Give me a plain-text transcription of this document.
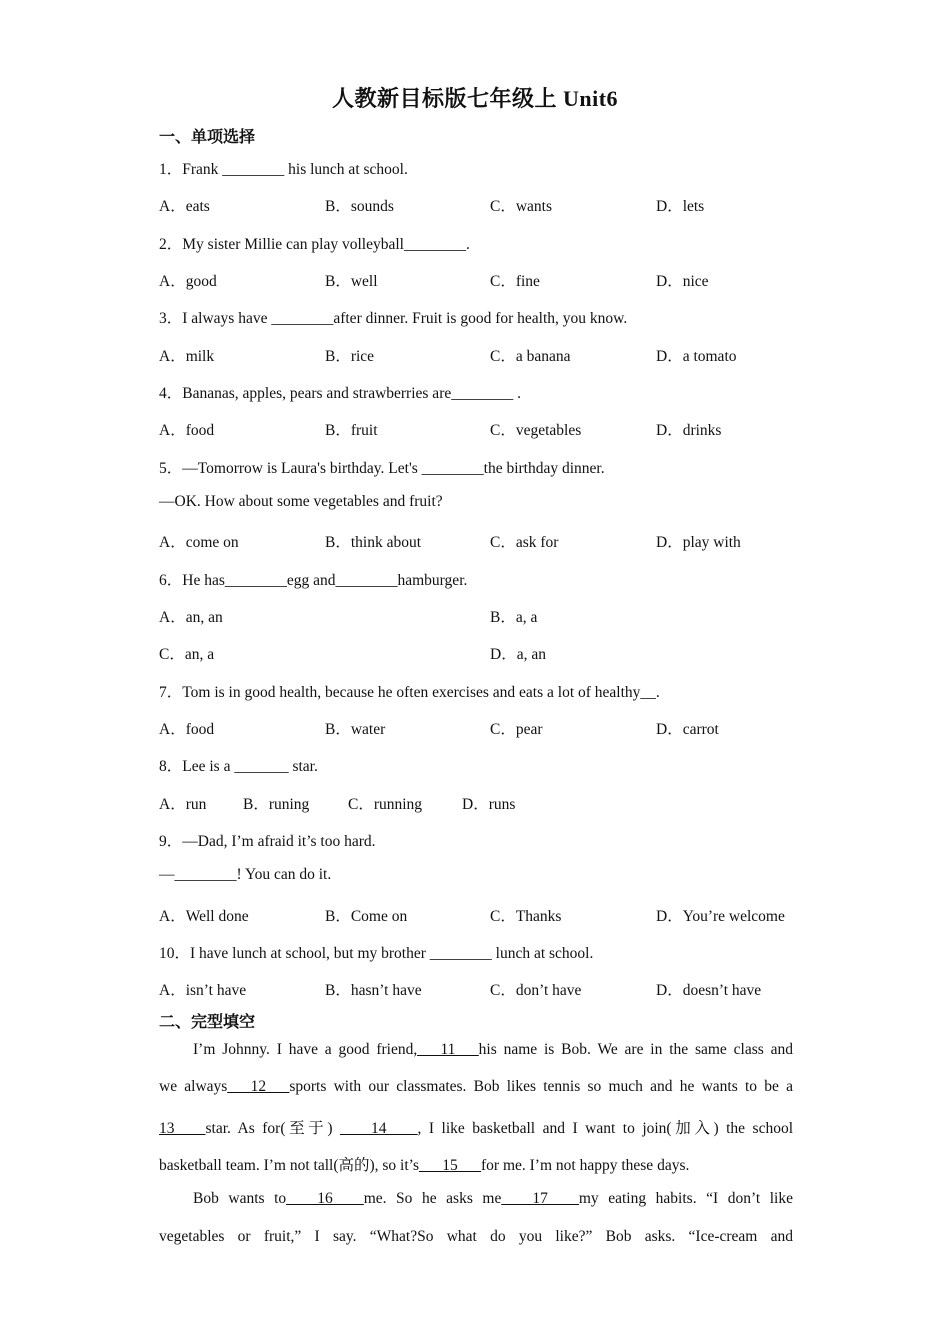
人教新目标版七年级上 Unit6
一、单项选择
1．Frank ________ his lunch at school.
A．eats	B．sounds	C．wants	D．lets
2．My sister Millie can play volleyball________.
A．good	B．well	C．fine	D．nice
3．I always have ________after dinner. Fruit is good for health, you know.
A．milk	B．rice	C．a banana	D．a tomato
4．Bananas, apples, pears and strawberries are________ .
A．food	B．fruit	C．vegetables	D．drinks
5．—Tomorrow is Laura's birthday. Let's ________the birthday dinner.
—OK. How about some vegetables and fruit?
A．come on	B．think about	C．ask for	D．play with
6．He has________egg and________hamburger.
A．an, an	B．a, a
C．an, a	D．a, an
7．Tom is in good health, because he often exercises and eats a lot of healthy__.
A．food	B．water	C．pear	D．carrot
8．Lee is a _______ star.
A．run B．runing C．running	D．runs
9．—Dad, I’m afraid it’s too hard.
—________! You can do it.
A．Well done	B．Come on	C．Thanks	D．You’re welcome
10．I have lunch at school, but my brother ________ lunch at school.
A．isn’t have	B．hasn’t have	C．don’t have	D．doesn’t have
二、完型填空
I’m Johnny. I have a good friend,___11___his name is Bob. We are in the same class and
we always___12___sports with our classmates. Bob likes tennis so much and he wants to be a
13____star. As for(至于) ____14____, I like basketball and I want to join(加入) the school
basketball team. I’m not tall(高的), so it’s___15___for me. I’m not happy these days.
Bob wants to____16____me. So he asks me____17____my eating habits. “I don’t like
vegetables or fruit,” I say. “What?So what do you like?” Bob asks. “Ice-cream and
